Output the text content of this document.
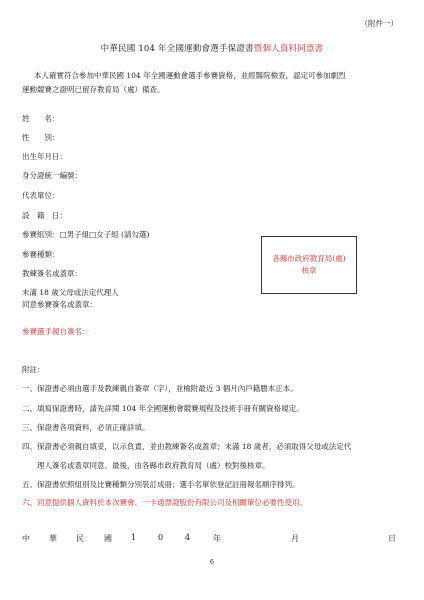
（附件一）
中華民國 104 年全國運動會選手保證書暨個人資料同意書
本人確實符合參加中華民國 104 年全國運動會選手參賽資格，並經醫院檢查，認定可參加劇烈
運動競賽之證明已留存教育局（處）備查。
姓　　名：
性　　別：
出生年月日：
身分證統一編號：
代表單位：
設　籍　日：
參賽組別：□男子組□女子組 (請勾選)
參賽種類：
教練簽名或蓋章：
未滿 18 歲父母或法定代理人
同意參賽簽名或蓋章：
參賽選手親自簽名：
各縣市政府教育局(處)
核章
附註：
一、保證書必須由選手及教練親自簽章（字），並檢附最近 3 個月內戶籍謄本正本。
二、填寫保證書時，請先詳閱 104 年全國運動會競賽規程及技術手冊有關資格規定。
三、保證書各項資料，必須正確詳填。
四、保證書必須親自填妥，以示負責，並由教練簽名或蓋章；未滿 18 歲者，必須取得父母或法定代
　　理人簽名或蓋章同意。最後，由各縣市政府教育局（處）校對後核章。
五、保證書依照組別及比賽種類分別裝訂成冊；選手名單依登記註冊報名順序排列。
六、同意提供個人資料於本次賽會、一卡通票證股份有限公司及相關單位必要性使用。
中 華 民	國 1	0	4	年	月	日
6
